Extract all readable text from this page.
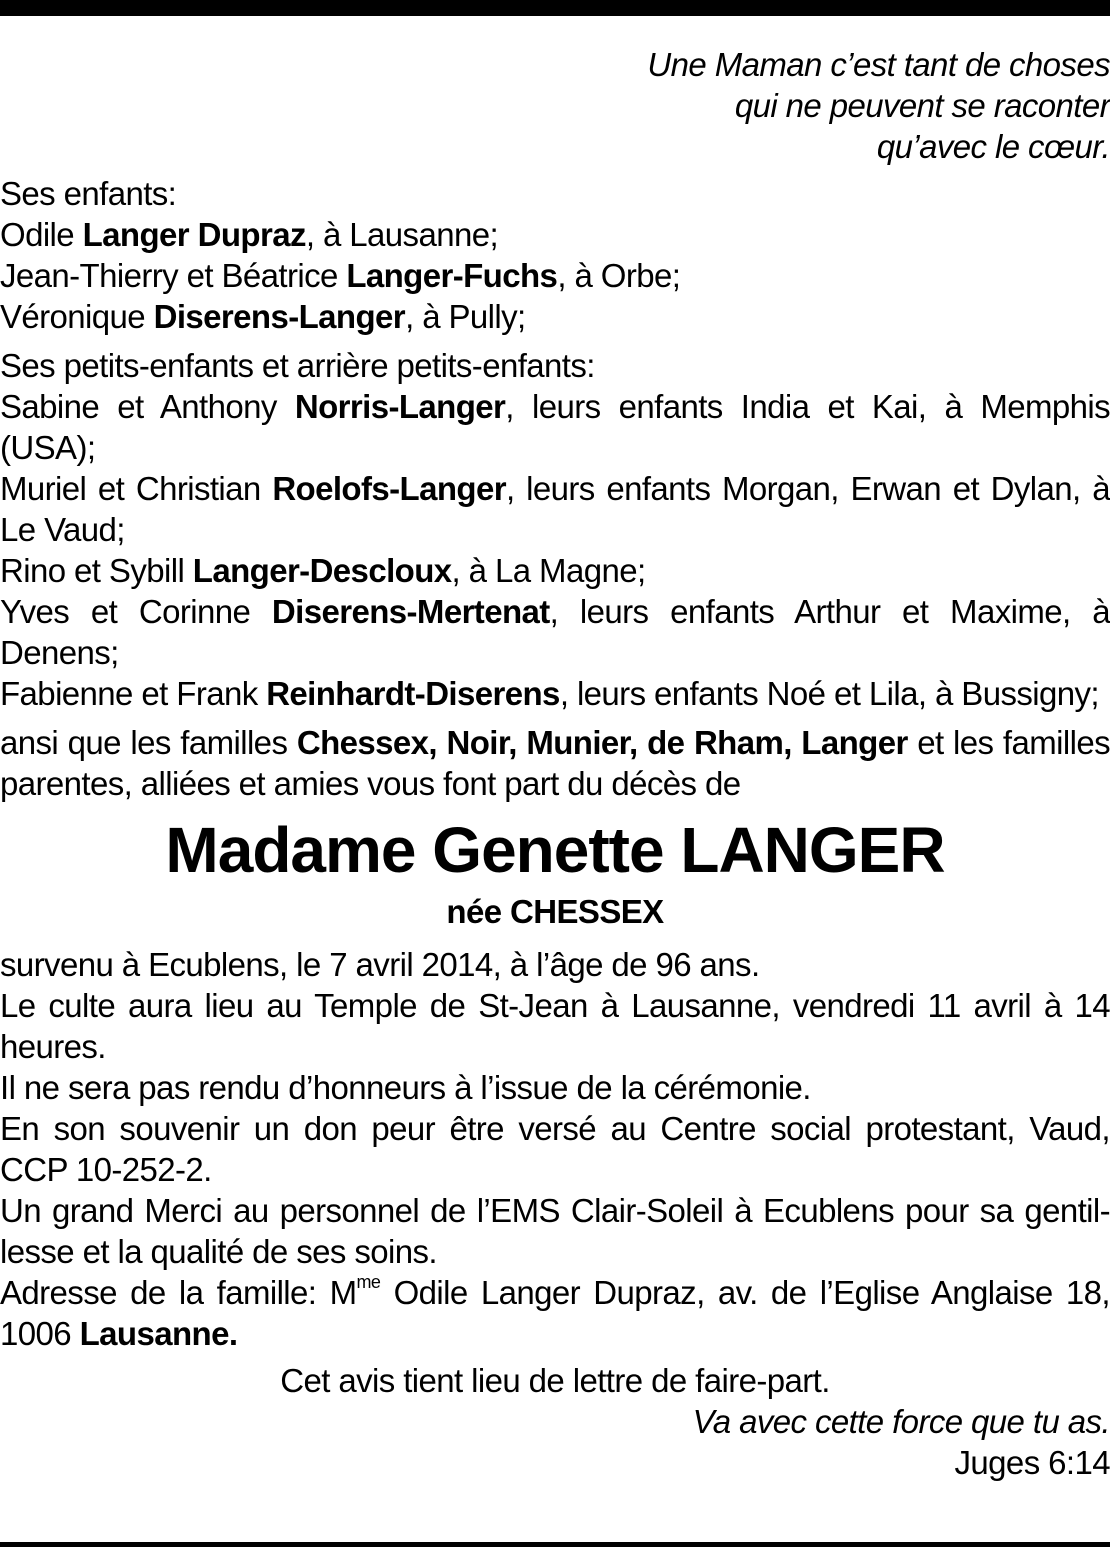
Une Maman c’est tant de choses
qui ne peuvent se raconter
qu’avec le cœur.
Ses enfants:
Odile Langer Dupraz, à Lausanne;
Jean-Thierry et Béatrice Langer-Fuchs, à Orbe;
Véronique Diserens-Langer, à Pully;
Ses petits-enfants et arrière petits-enfants:
Sabine et Anthony Norris-Langer, leurs enfants India et Kai, à Memphis (USA);
Muriel et Christian Roelofs-Langer, leurs enfants Morgan, Erwan et Dylan, à Le Vaud;
Rino et Sybill Langer-Descloux, à La Magne;
Yves et Corinne Diserens-Mertenat, leurs enfants Arthur et Maxime, à Denens;
Fabienne et Frank Reinhardt-Diserens, leurs enfants Noé et Lila, à Bussigny;
ansi que les familles Chessex, Noir, Munier, de Rham, Langer et les familles parentes, alliées et amies vous font part du décès de
Madame Genette LANGER
née CHESSEX
survenu à Ecublens, le 7 avril 2014, à l’âge de 96 ans.
Le culte aura lieu au Temple de St-Jean à Lausanne, vendredi 11 avril à 14 heures.
Il ne sera pas rendu d’honneurs à l’issue de la cérémonie.
En son souvenir un don peur être versé au Centre social protestant, Vaud, CCP 10-252-2.
Un grand Merci au personnel de l’EMS Clair-Soleil à Ecublens pour sa gentil-lesse et la qualité de ses soins.
Adresse de la famille: $M^{me}$ Odile Langer Dupraz, av. de l’Eglise Anglaise 18, 1006 Lausanne.
Cet avis tient lieu de lettre de faire-part.
Va avec cette force que tu as.
Juges 6:14
